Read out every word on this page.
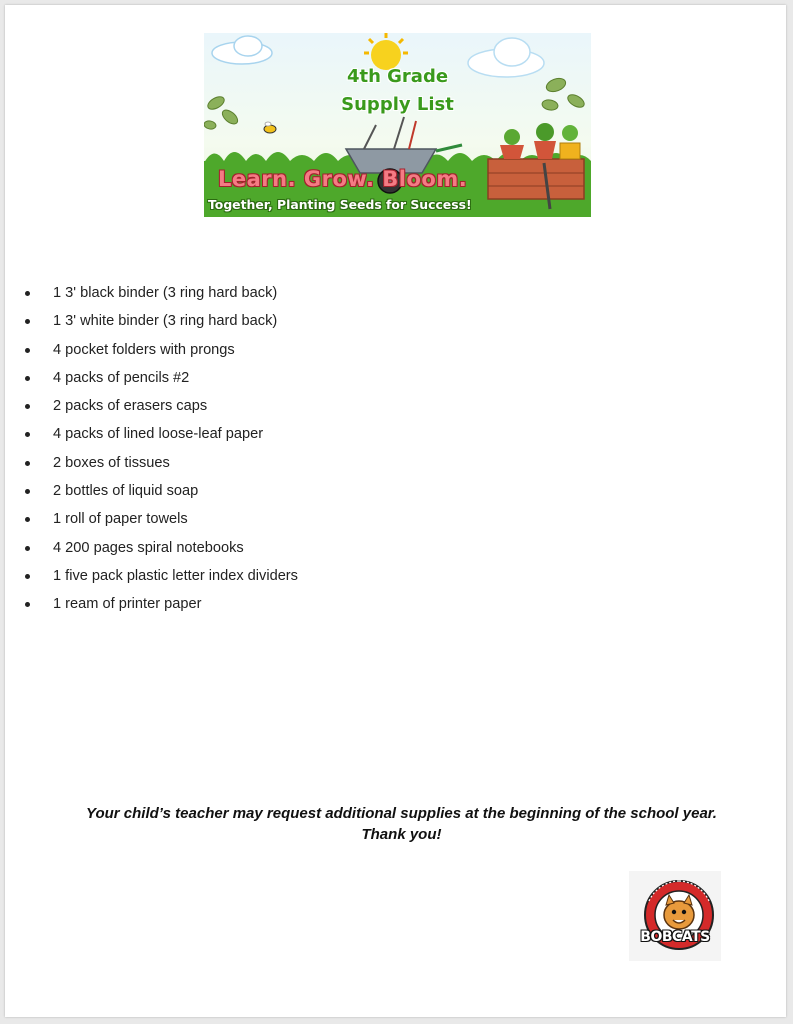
4th Grade
Supply List
Learn. Grow. Bloom.
Together, Planting Seeds for Success!
1 3' black binder (3 ring hard back)
1 3' white binder (3 ring hard back)
4 pocket folders with prongs
4 packs of pencils #2
2 packs of erasers caps
4 packs of lined loose-leaf paper
2 boxes of tissues
2 bottles of liquid soap
1 roll of paper towels
4 200 pages spiral notebooks
1 five pack plastic letter index dividers
1 ream of printer paper
Your child’s teacher may request additional supplies at the beginning of the school year.
Thank you!
BOBCATS
